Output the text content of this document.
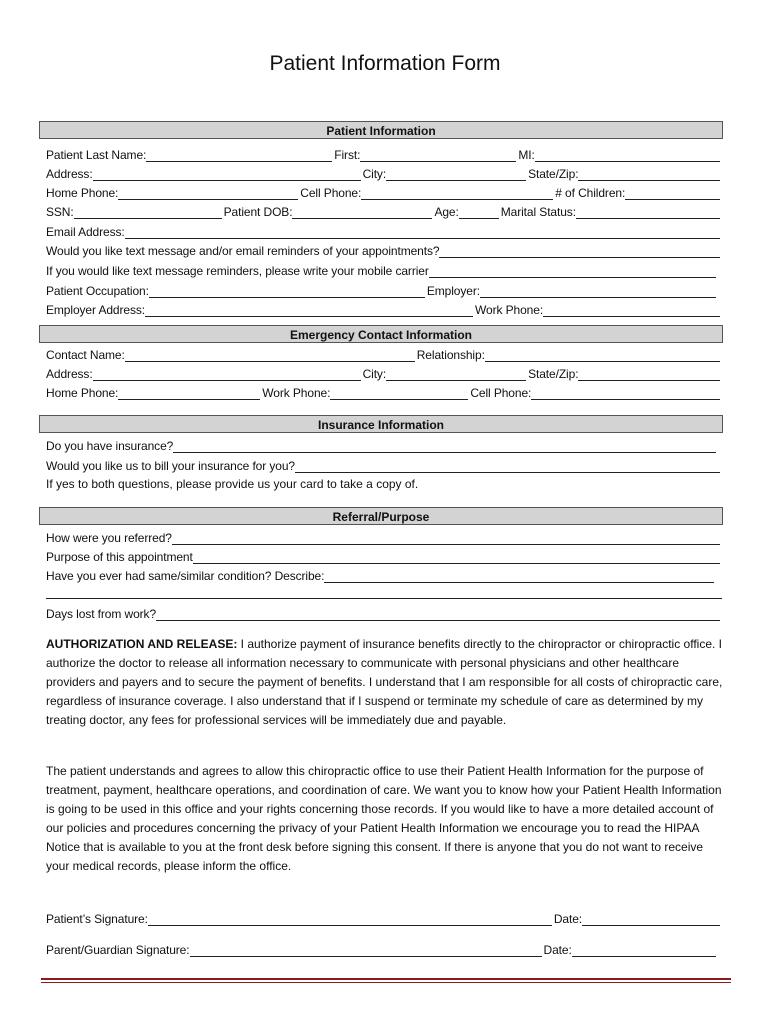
Patient Information Form
Patient Information
Patient Last Name:	First:	MI:
Address:	City:	State/Zip:
Home Phone:	Cell Phone:	# of Children:
SSN:	Patient DOB:	Age:	Marital Status:
Email Address:
Would you like text message and/or email reminders of your appointments?
If you would like text message reminders, please write your mobile carrier
Patient Occupation:	Employer:
Employer Address:	Work Phone:
Emergency Contact Information
Contact Name:	Relationship:
Address:	City:	State/Zip:
Home Phone:	Work Phone:	Cell Phone:
Insurance Information
Do you have insurance?
Would you like us to bill your insurance for you?
If yes to both questions, please provide us your card to take a copy of.
Referral/Purpose
How were you referred?
Purpose of this appointment
Have you ever had same/similar condition? Describe:
Days lost from work?
AUTHORIZATION AND RELEASE: I authorize payment of insurance benefits directly to the chiropractor or chiropractic office. I authorize the doctor to release all information necessary to communicate with personal physicians and other healthcare providers and payers and to secure the payment of benefits. I understand that I am responsible for all costs of chiropractic care, regardless of insurance coverage. I also understand that if I suspend or terminate my schedule of care as determined by my treating doctor, any fees for professional services will be immediately due and payable.
The patient understands and agrees to allow this chiropractic office to use their Patient Health Information for the purpose of treatment, payment, healthcare operations, and coordination of care. We want you to know how your Patient Health Information is going to be used in this office and your rights concerning those records. If you would like to have a more detailed account of our policies and procedures concerning the privacy of your Patient Health Information we encourage you to read the HIPAA Notice that is available to you at the front desk before signing this consent. If there is anyone that you do not want to receive your medical records, please inform the office.
Patient’s Signature:	Date:
Parent/Guardian Signature:	Date:
